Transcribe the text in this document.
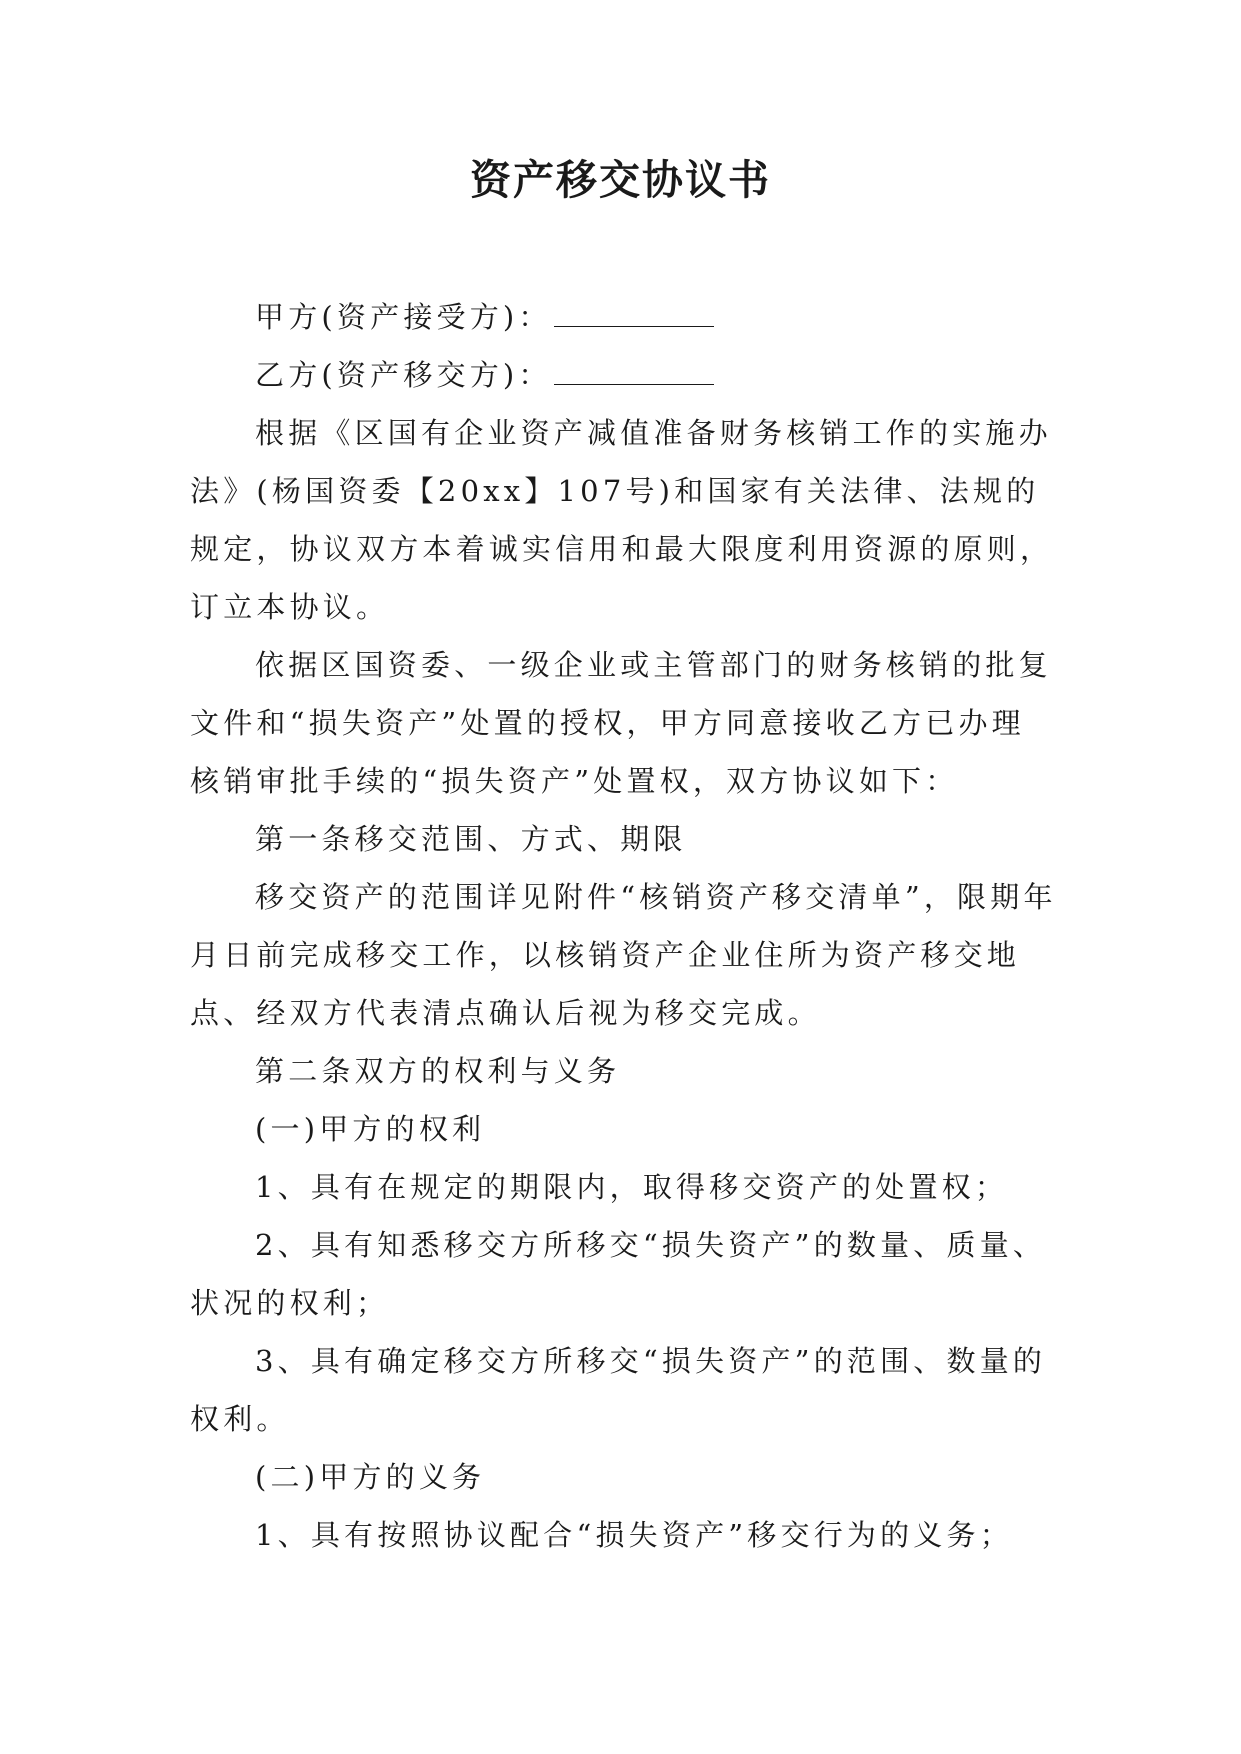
资产移交协议书
甲方(资产接受方)：
乙方(资产移交方)：

根据《区国有企业资产减值准备财务核销工作的实施办法》(杨国资委【20xx】107号)和国家有关法律、法规的规定，协议双方本着诚实信用和最大限度利用资源的原则，订立本协议。

依据区国资委、一级企业或主管部门的财务核销的批复文件和“损失资产”处置的授权，甲方同意接收乙方已办理核销审批手续的“损失资产”处置权，双方协议如下：

第一条移交范围、方式、期限

移交资产的范围详见附件“核销资产移交清单”，限期年月日前完成移交工作，以核销资产企业住所为资产移交地点、经双方代表清点确认后视为移交完成。

第二条双方的权利与义务

(一)甲方的权利

1、具有在规定的期限内，取得移交资产的处置权；

2、具有知悉移交方所移交“损失资产”的数量、质量、状况的权利；

3、具有确定移交方所移交“损失资产”的范围、数量的权利。

(二)甲方的义务

1、具有按照协议配合“损失资产”移交行为的义务；
